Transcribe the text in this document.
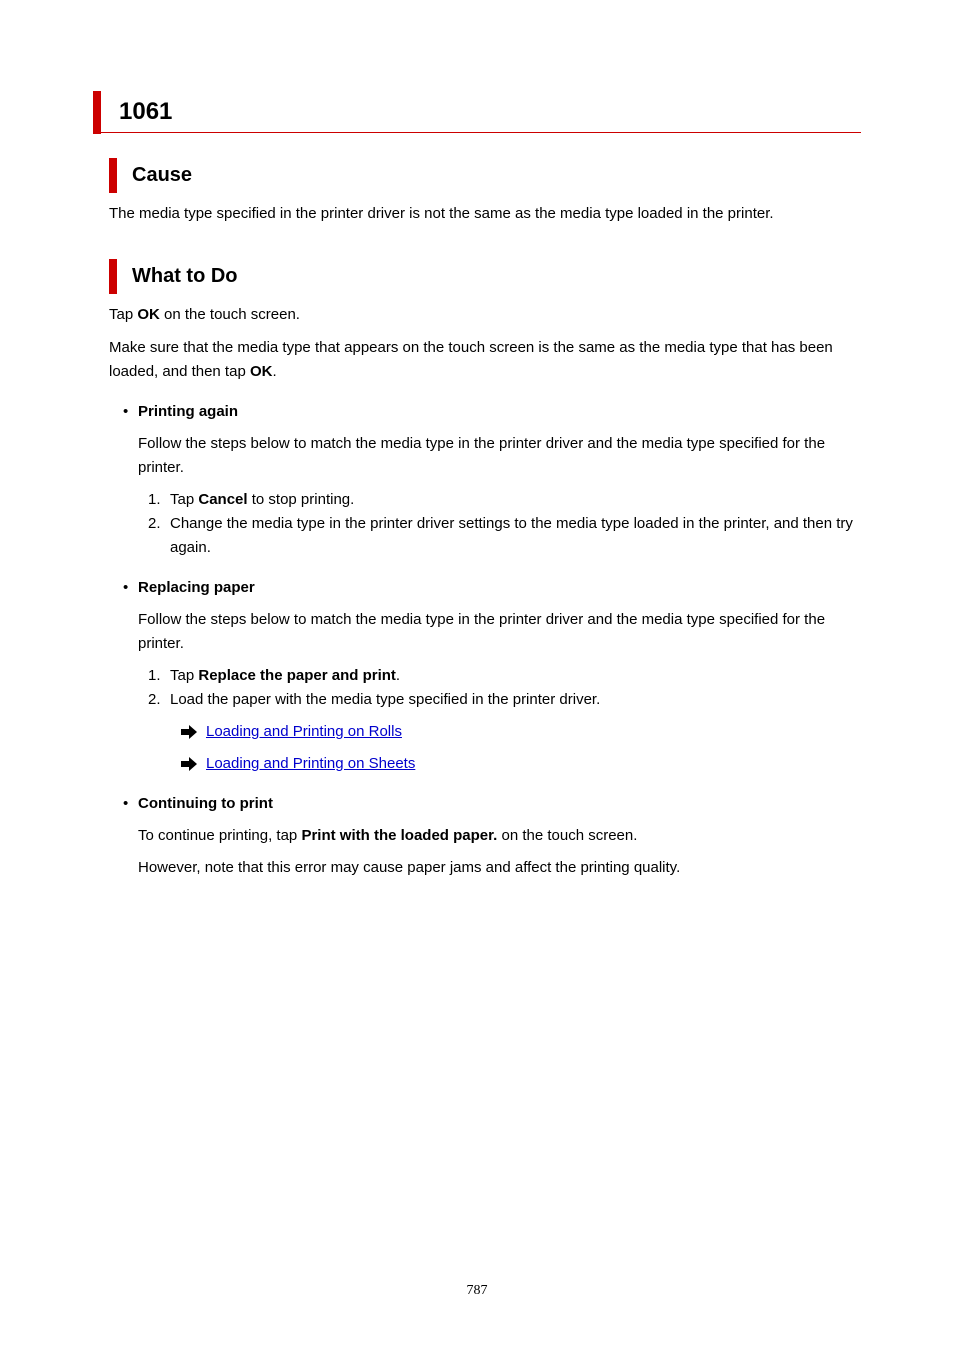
1061
Cause
The media type specified in the printer driver is not the same as the media type loaded in the printer.
What to Do
Tap OK on the touch screen.
Make sure that the media type that appears on the touch screen is the same as the media type that has been loaded, and then tap OK.
• Printing again
Follow the steps below to match the media type in the printer driver and the media type specified for the printer.
1. Tap Cancel to stop printing.
2. Change the media type in the printer driver settings to the media type loaded in the printer, and then try again.
• Replacing paper
Follow the steps below to match the media type in the printer driver and the media type specified for the printer.
1. Tap Replace the paper and print.
2. Load the paper with the media type specified in the printer driver.
Loading and Printing on Rolls
Loading and Printing on Sheets
• Continuing to print
To continue printing, tap Print with the loaded paper. on the touch screen.
However, note that this error may cause paper jams and affect the printing quality.
787
